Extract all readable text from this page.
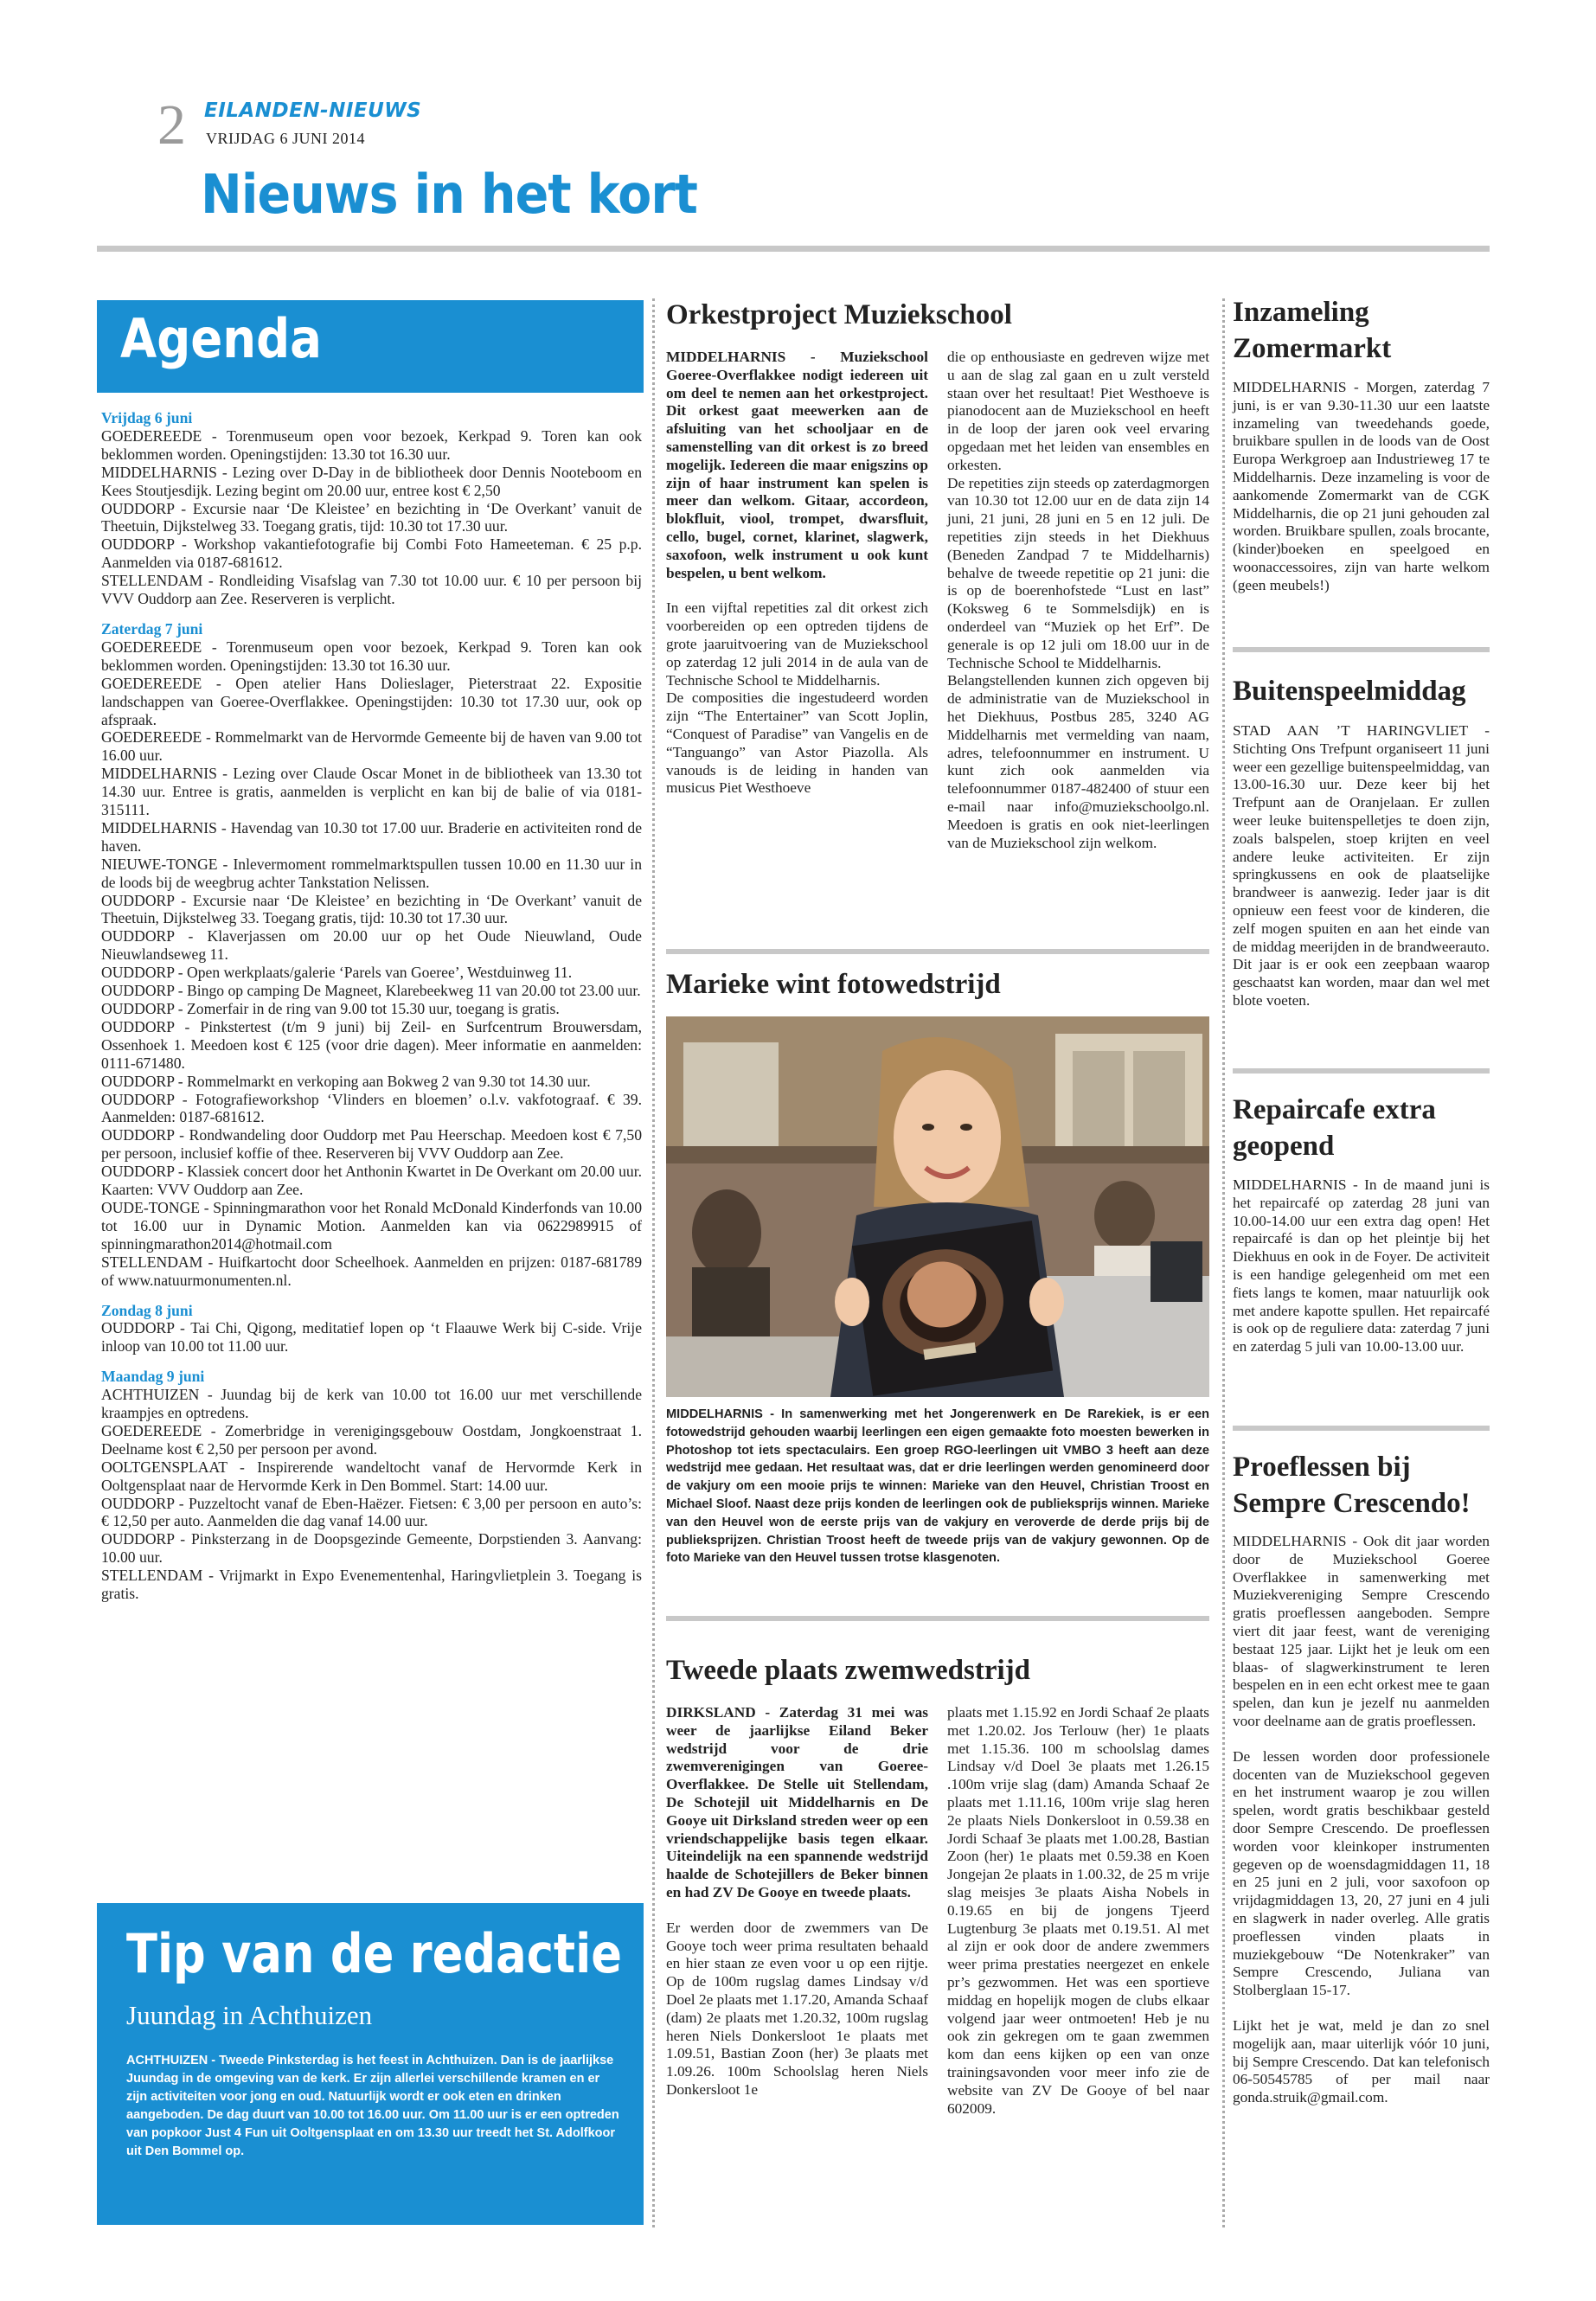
2 EILANDEN-NIEUWS
VRIJDAG 6 JUNI 2014
Nieuws in het kort
Agenda
Vrijdag 6 juni
GOEDEREEDE - Torenmuseum open voor bezoek, Kerkpad 9. Toren kan ook beklommen worden. Openingstijden: 13.30 tot 16.30 uur.
MIDDELHARNIS - Lezing over D-Day in de bibliotheek door Dennis Nooteboom en Kees Stoutjesdijk. Lezing begint om 20.00 uur, entree kost € 2,50
OUDDORP - Excursie naar ‘De Kleistee’ en bezichting in ‘De Overkant’ vanuit de Theetuin, Dijkstelweg 33. Toegang gratis, tijd: 10.30 tot 17.30 uur.
OUDDORP - Workshop vakantiefotografie bij Combi Foto Hameeteman. € 25 p.p. Aanmelden via 0187-681612.
STELLENDAM - Rondleiding Visafslag van 7.30 tot 10.00 uur. € 10 per persoon bij VVV Ouddorp aan Zee. Reserveren is verplicht.
Zaterdag 7 juni
GOEDEREEDE - Torenmuseum open voor bezoek, Kerkpad 9. Toren kan ook beklommen worden. Openingstijden: 13.30 tot 16.30 uur.
GOEDEREEDE - Open atelier Hans Dolieslager, Pieterstraat 22. Expositie landschappen van Goeree-Overflakkee. Openingstijden: 10.30 tot 17.30 uur, ook op afspraak.
GOEDEREEDE - Rommelmarkt van de Hervormde Gemeente bij de haven van 9.00 tot 16.00 uur.
MIDDELHARNIS - Lezing over Claude Oscar Monet in de bibliotheek van 13.30 tot 14.30 uur. Entree is gratis, aanmelden is verplicht en kan bij de balie of via 0181-315111.
MIDDELHARNIS - Havendag van 10.30 tot 17.00 uur. Braderie en activiteiten rond de haven.
NIEUWE-TONGE - Inlevermoment rommelmarktspullen tussen 10.00 en 11.30 uur in de loods bij de weegbrug achter Tankstation Nelissen.
OUDDORP - Excursie naar ‘De Kleistee’ en bezichting in ‘De Overkant’ vanuit de Theetuin, Dijkstelweg 33. Toegang gratis, tijd: 10.30 tot 17.30 uur.
OUDDORP - Klaverjassen om 20.00 uur op het Oude Nieuwland, Oude Nieuwlandseweg 11.
OUDDORP - Open werkplaats/galerie ‘Parels van Goeree’, Westduinweg 11.
OUDDORP - Bingo op camping De Magneet, Klarebeekweg 11 van 20.00 tot 23.00 uur.
OUDDORP - Zomerfair in de ring van 9.00 tot 15.30 uur, toegang is gratis.
OUDDORP - Pinkstertest (t/m 9 juni) bij Zeil- en Surfcentrum Brouwersdam, Ossenhoek 1. Meedoen kost € 125 (voor drie dagen). Meer informatie en aanmelden: 0111-671480.
OUDDORP - Rommelmarkt en verkoping aan Bokweg 2 van 9.30 tot 14.30 uur.
OUDDORP - Fotografieworkshop ‘Vlinders en bloemen’ o.l.v. vakfotograaf. € 39. Aanmelden: 0187-681612.
OUDDORP - Rondwandeling door Ouddorp met Pau Heerschap. Meedoen kost € 7,50 per persoon, inclusief koffie of thee. Reserveren bij VVV Ouddorp aan Zee.
OUDDORP - Klassiek concert door het Anthonin Kwartet in De Overkant om 20.00 uur. Kaarten: VVV Ouddorp aan Zee.
OUDE-TONGE - Spinningmarathon voor het Ronald McDonald Kinderfonds van 10.00 tot 16.00 uur in Dynamic Motion. Aanmelden kan via 0622989915 of spinningmarathon2014@hotmail.com
STELLENDAM - Huifkartocht door Scheelhoek. Aanmelden en prijzen: 0187-681789 of www.natuurmonumenten.nl.
Zondag 8 juni
OUDDORP - Tai Chi, Qigong, meditatief lopen op ‘t Flaauwe Werk bij C-side. Vrije inloop van 10.00 tot 11.00 uur.
Maandag 9 juni
ACHTHUIZEN - Juundag bij de kerk van 10.00 tot 16.00 uur met verschillende kraampjes en optredens.
GOEDEREEDE - Zomerbridge in verenigingsgebouw Oostdam, Jongkoenstraat 1. Deelname kost € 2,50 per persoon per avond.
OOLTGENSPLAAT - Inspirerende wandeltocht vanaf de Hervormde Kerk in Ooltgensplaat naar de Hervormde Kerk in Den Bommel. Start: 14.00 uur.
OUDDORP - Puzzeltocht vanaf de Eben-Haëzer. Fietsen: € 3,00 per persoon en auto’s: € 12,50 per auto. Aanmelden die dag vanaf 14.00 uur.
OUDDORP - Pinksterzang in de Doopsgezinde Gemeente, Dorpstienden 3. Aanvang: 10.00 uur.
STELLENDAM - Vrijmarkt in Expo Evenementenhal, Haringvlietplein 3. Toegang is gratis.
Tip van de redactie
Juundag in Achthuizen
ACHTHUIZEN - Tweede Pinksterdag is het feest in Achthuizen. Dan is de jaarlijkse Juundag in de omgeving van de kerk. Er zijn allerlei verschillende kramen en er zijn activiteiten voor jong en oud. Natuurlijk wordt er ook eten en drinken aangeboden. De dag duurt van 10.00 tot 16.00 uur. Om 11.00 uur is er een optreden van popkoor Just 4 Fun uit Ooltgensplaat en om 13.30 uur treedt het St. Adolfkoor uit Den Bommel op.
Orkestproject Muziekschool

MIDDELHARNIS - Muziekschool Goeree-Overflakkee nodigt iedereen uit om deel te nemen aan het orkestproject. Dit orkest gaat meewerken aan de afsluiting van het schooljaar en de samenstelling van dit orkest is zo breed mogelijk. Iedereen die maar enigszins op zijn of haar instrument kan spelen is meer dan welkom. Gitaar, accordeon, blokfluit, viool, trompet, dwarsfluit, cello, bugel, cornet, klarinet, slagwerk, saxofoon, welk instrument u ook kunt bespelen, u bent welkom.

In een vijftal repetities zal dit orkest zich voorbereiden op een optreden tijdens de grote jaaruitvoering van de Muziekschool op zaterdag 12 juli 2014 in de aula van de Technische School te Middelharnis.

De composities die ingestudeerd worden zijn “The Entertainer” van Scott Joplin, “Conquest of Paradise” van Vangelis en de “Tanguango” van Astor Piazolla. Als vanouds is de leiding in handen van musicus Piet Westhoeve

die op enthousiaste en gedreven wijze met u aan de slag zal gaan en u zult versteld staan over het resultaat! Piet Westhoeve is pianodocent aan de Muziekschool en heeft in de loop der jaren ook veel ervaring opgedaan met het leiden van ensembles en orkesten.

De repetities zijn steeds op zaterdagmorgen van 10.30 tot 12.00 uur en de data zijn 14 juni, 21 juni, 28 juni en 5 en 12 juli. De repetities zijn steeds in het Diekhuus (Beneden Zandpad 7 te Middelharnis) behalve de tweede repetitie op 21 juni: die is op de boerenhofstede “Lust en last” (Koksweg 6 te Sommelsdijk) en is onderdeel van “Muziek op het Erf”. De generale is op 12 juli om 18.00 uur in de Technische School te Middelharnis.

Belangstellenden kunnen zich opgeven bij de administratie van de Muziekschool in het Diekhuus, Postbus 285, 3240 AG Middelharnis met vermelding van naam, adres, telefoonnummer en instrument. U kunt zich ook aanmelden via telefoonnummer 0187-482400 of stuur een e-mail naar info@muziekschoolgo.nl. Meedoen is gratis en ook niet-leerlingen van de Muziekschool zijn welkom.

Marieke wint fotowedstrijd
MIDDELHARNIS - In samenwerking met het Jongerenwerk en De Rarekiek, is er een fotowedstrijd gehouden waarbij leerlingen een eigen gemaakte foto moesten bewerken in Photoshop tot iets spectaculairs. Een groep RGO-leerlingen uit VMBO 3 heeft aan deze wedstrijd mee gedaan. Het resultaat was, dat er drie leerlingen werden genomineerd door de vakjury om een mooie prijs te winnen: Marieke van den Heuvel, Christian Troost en Michael Sloof. Naast deze prijs konden de leerlingen ook de publieksprijs winnen. Marieke van den Heuvel won de eerste prijs van de vakjury en veroverde de derde prijs bij de publieksprijzen. Christian Troost heeft de tweede prijs van de vakjury gewonnen. Op de foto Marieke van den Heuvel tussen trotse klasgenoten.
Tweede plaats zwemwedstrijd

DIRKSLAND - Zaterdag 31 mei was weer de jaarlijkse Eiland Beker wedstrijd voor de drie zwemverenigingen van Goeree-Overflakkee. De Stelle uit Stellendam, De Schotejil uit Middelharnis en De Gooye uit Dirksland streden weer op een vriendschappelijke basis tegen elkaar. Uiteindelijk na een spannende wedstrijd haalde de Schotejillers de Beker binnen en had ZV De Gooye en tweede plaats.

Er werden door de zwemmers van De Gooye toch weer prima resultaten behaald en hier staan ze even voor u op een rijtje. Op de 100m rugslag dames Lindsay v/d Doel 2e plaats met 1.17.20, Amanda Schaaf (dam) 2e plaats met 1.20.32, 100m rugslag heren Niels Donkersloot 1e plaats met 1.09.51, Bastian Zoon (her) 3e plaats met 1.09.26. 100m Schoolslag heren Niels Donkersloot 1e

plaats met 1.15.92 en Jordi Schaaf 2e plaats met 1.20.02. Jos Terlouw (her) 1e plaats met 1.15.36. 100 m schoolslag dames Lindsay v/d Doel 3e plaats met 1.26.15 .100m vrije slag (dam) Amanda Schaaf 2e plaats met 1.11.16, 100m vrije slag heren 2e plaats Niels Donkersloot in 0.59.38 en Jordi Schaaf 3e plaats met 1.00.28, Bastian Zoon (her) 1e plaats met 0.59.38 en Koen Jongejan 2e plaats in 1.00.32, de 25 m vrije slag meisjes 3e plaats Aisha Nobels in 0.19.65 en bij de jongens Tjeerd Lugtenburg 3e plaats met 0.19.51. Al met al zijn er ook door de andere zwemmers weer prima prestaties neergezet en enkele pr’s gezwommen. Het was een sportieve middag en hopelijk mogen de clubs elkaar volgend jaar weer ontmoeten! Heb je nu ook zin gekregen om te gaan zwemmen kom dan eens kijken op een van onze trainingsavonden voor meer info zie de website van ZV De Gooye of bel naar 602009.

Inzameling Zomermarkt
MIDDELHARNIS - Morgen, zaterdag 7 juni, is er van 9.30-11.30 uur een laatste inzameling van tweedehands goede, bruikbare spullen in de loods van de Oost Europa Werkgroep aan Industrieweg 17 te Middelharnis. Deze inzameling is voor de aankomende Zomermarkt van de CGK Middelharnis, die op 21 juni gehouden zal worden. Bruikbare spullen, zoals brocante, (kinder)boeken en speelgoed en woonaccessoires, zijn van harte welkom (geen meubels!)
Buitenspeelmiddag
STAD AAN ’T HARINGVLIET - Stichting Ons Trefpunt organiseert 11 juni weer een gezellige buitenspeelmiddag, van 13.00-16.30 uur. Deze keer bij het Trefpunt aan de Oranjelaan. Er zullen weer leuke buitenspelletjes te doen zijn, zoals balspelen, stoep krijten en veel andere leuke activiteiten. Er zijn springkussens en ook de plaatselijke brandweer is aanwezig. Ieder jaar is dit opnieuw een feest voor de kinderen, die zelf mogen spuiten en aan het einde van de middag meerijden in de brandweerauto. Dit jaar is er ook een zeepbaan waarop geschaatst kan worden, maar dan wel met blote voeten.
Repaircafe extra geopend
MIDDELHARNIS - In de maand juni is het repaircafé op zaterdag 28 juni van 10.00-14.00 uur een extra dag open! Het repaircafé is dan op het pleintje bij het Diekhuus en ook in de Foyer. De activiteit is een handige gelegenheid om met een fiets langs te komen, maar natuurlijk ook met andere kapotte spullen. Het repaircafé is ook op de reguliere data: zaterdag 7 juni en zaterdag 5 juli van 10.00-13.00 uur.
Proeflessen bij Sempre Crescendo!

MIDDELHARNIS - Ook dit jaar worden door de Muziekschool Goeree Overflakkee in samenwerking met Muziekvereniging Sempre Crescendo gratis proeflessen aangeboden. Sempre viert dit jaar feest, want de vereniging bestaat 125 jaar. Lijkt het je leuk om een blaas- of slagwerkinstrument te leren bespelen en in een echt orkest mee te gaan spelen, dan kun je jezelf nu aanmelden voor deelname aan de gratis proeflessen.

De lessen worden door professionele docenten van de Muziekschool gegeven en het instrument waarop je zou willen spelen, wordt gratis beschikbaar gesteld door Sempre Crescendo. De proeflessen worden voor kleinkoper instrumenten gegeven op de woensdagmiddagen 11, 18 en 25 juni en 2 juli, voor saxofoon op vrijdagmiddagen 13, 20, 27 juni en 4 juli en slagwerk in nader overleg. Alle gratis proeflessen vinden plaats in muziekgebouw “De Notenkraker” van Sempre Crescendo, Juliana van Stolberglaan 15-17.

Lijkt het je wat, meld je dan zo snel mogelijk aan, maar uiterlijk vóór 10 juni, bij Sempre Crescendo. Dat kan telefonisch 06-50545785 of per mail naar gonda.struik@gmail.com.
